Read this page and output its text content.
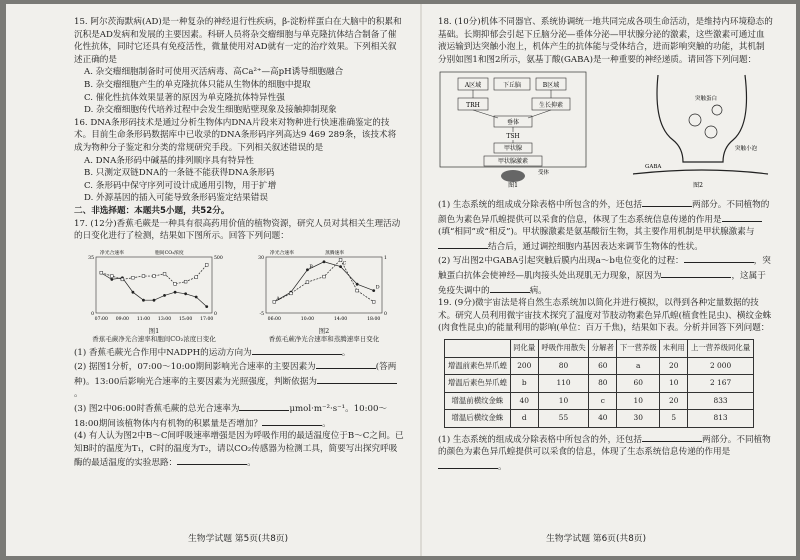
15. 阿尔茨海默病(AD)是一种复杂的神经退行性疾病，β-淀粉样蛋白在大脑中的积累和沉积是AD发病和发展的主要因素。科研人员将杂交瘤细胞与单克隆抗体结合制备了催化性抗体，同时它还具有免疫活性，微量使用对AD就有一定的治疗效果。下列相关叙述正确的是

A. 杂交瘤细胞制备时可使用灭活病毒、高Ca²⁺—高pH诱导细胞融合

B. 杂交瘤细胞产生的单克隆抗体只能从生物体的细胞中提取

C. 催化性抗体效果显著的原因为单克隆抗体特异性强

D. 杂交瘤细胞传代培养过程中会发生细胞贴壁现象及接触抑制现象

16. DNA条形码技术是通过分析生物体内DNA片段来对物种进行快速准确鉴定的技术。目前生命条形码数据库中已收录的DNA条形码序列高达9 469 289条，该技术将成为物种分子鉴定和分类的常规研究手段。下列相关叙述错误的是

A. DNA条形码中碱基的排列顺序具有特异性

B. 只测定双链DNA的一条链不能获得DNA条形码

C. 条形码中保守序列可设计成通用引物，用于扩增

D. 外源基因的插入可能导致条形码鉴定结果错误

二、非选择题：本题共5小题，共52分。

17. (12分)香蕉毛蕨是一种具有很高药用价值的植物资源，研究人员对其相关生理活动的日变化进行了检测，结果如下图所示。回答下列问题：

07:00 09:00 11:00 13:00 15:00 17:00
0
35
0
500
净光合速率	胞间CO₂浓度
图1
香蕉毛蕨净光合速率和胞间CO₂浓度日变化
06:00	10:00	14:00	18:00
-5
30
0
1
净光合速率	蒸腾速率
A
B
C
D
图2
香蕉毛蕨净光合速率和蒸腾速率日变化

(1) 香蕉毛蕨光合作用中NADPH的运动方向为	。

(2) 据图1分析，07:00～10:00期间影响光合速率的主要因素为	(答两种)。13:00后影响光合速率的主要因素为光照强度，判断依据为。

(3) 图2中06:00时香蕉毛蕨的总光合速率为	μmol·m⁻²·s⁻¹。10:00～18:00期间该植物体内有机物的积累量是否增加？	。

(4) 有人认为图2中B～C间呼吸速率增强是因为呼吸作用的最适温度位于B～C之间。已知B时的温度为T₁，C时的温度为T₂，请以CO₂传感器为检测工具，简要写出探究呼吸酶的最适温度的实验思路：	。

生物学试题 第5页(共8页)

18. (10分)机体不同器官、系统协调统一地共同完成各项生命活动，是维持内环境稳态的基础。长期抑郁会引起下丘脑分泌—垂体分泌—甲状腺分泌的激素，这些激素可通过血液运输到达突触小泡上，机体产生的抗体能与受体结合，进而影响突触的功能，其机制分别如图1和图2所示，氨基丁酸(GABA)是一种重要的神经递质。请回答下列问题：

A区域	下丘脑	B区域
TRH	生长抑素
垂体
TSH
甲状腺
甲状腺激素
受体
图1
突触蛋白
突触小泡
GABA
图2

(1) 生态系统的组成成分除表格中所包含的外，还包括	两部分。不同植物的颜色为素色异爪蝗提供可以采食的信息，体现了生态系统信息传递的作用是(填“相同”或“相反”)。甲状腺激素是氨基酸衍生物，其主要作用机制是甲状腺激素与结合后，通过调控细胞内基因表达来调节生物体的性状。

(2) 写出图2中GABA引起突触后膜内出现a～b电位变化的过程：	，突触蛋白抗体会使神经—肌肉接头处出现肌无力现象，原因为	，这属于免疫失调中的	病。

19. (9分)微宇宙法是将自然生态系统加以简化并进行模拟，以得到各种定量数据的技术。研究人员利用微宇宙技术探究了温度对节肢动物素色异爪蝗(植食性昆虫)、横纹金蛛(肉食性昆虫)的能量利用的影响(单位：百万千焦)，结果如下表。分析并回答下列问题：

	同化量	呼吸作用散失	分解者	下一营养级	未利用	上一营养级同化量
增温前素色异爪蝗	200	80	60	a	20	2 000
增温后素色异爪蝗	b	110	80	60	10	2 167
增温前横纹金蛛	40	10	c	10	20	833
增温后横纹金蛛	d	55	40	30	5	813

(1) 生态系统的组成成分除表格中所包含的外，还包括	两部分。不同植物的颜色为素色异爪蝗提供可以采食的信息，体现了生态系统信息传递的作用是。

生物学试题 第6页(共8页)
